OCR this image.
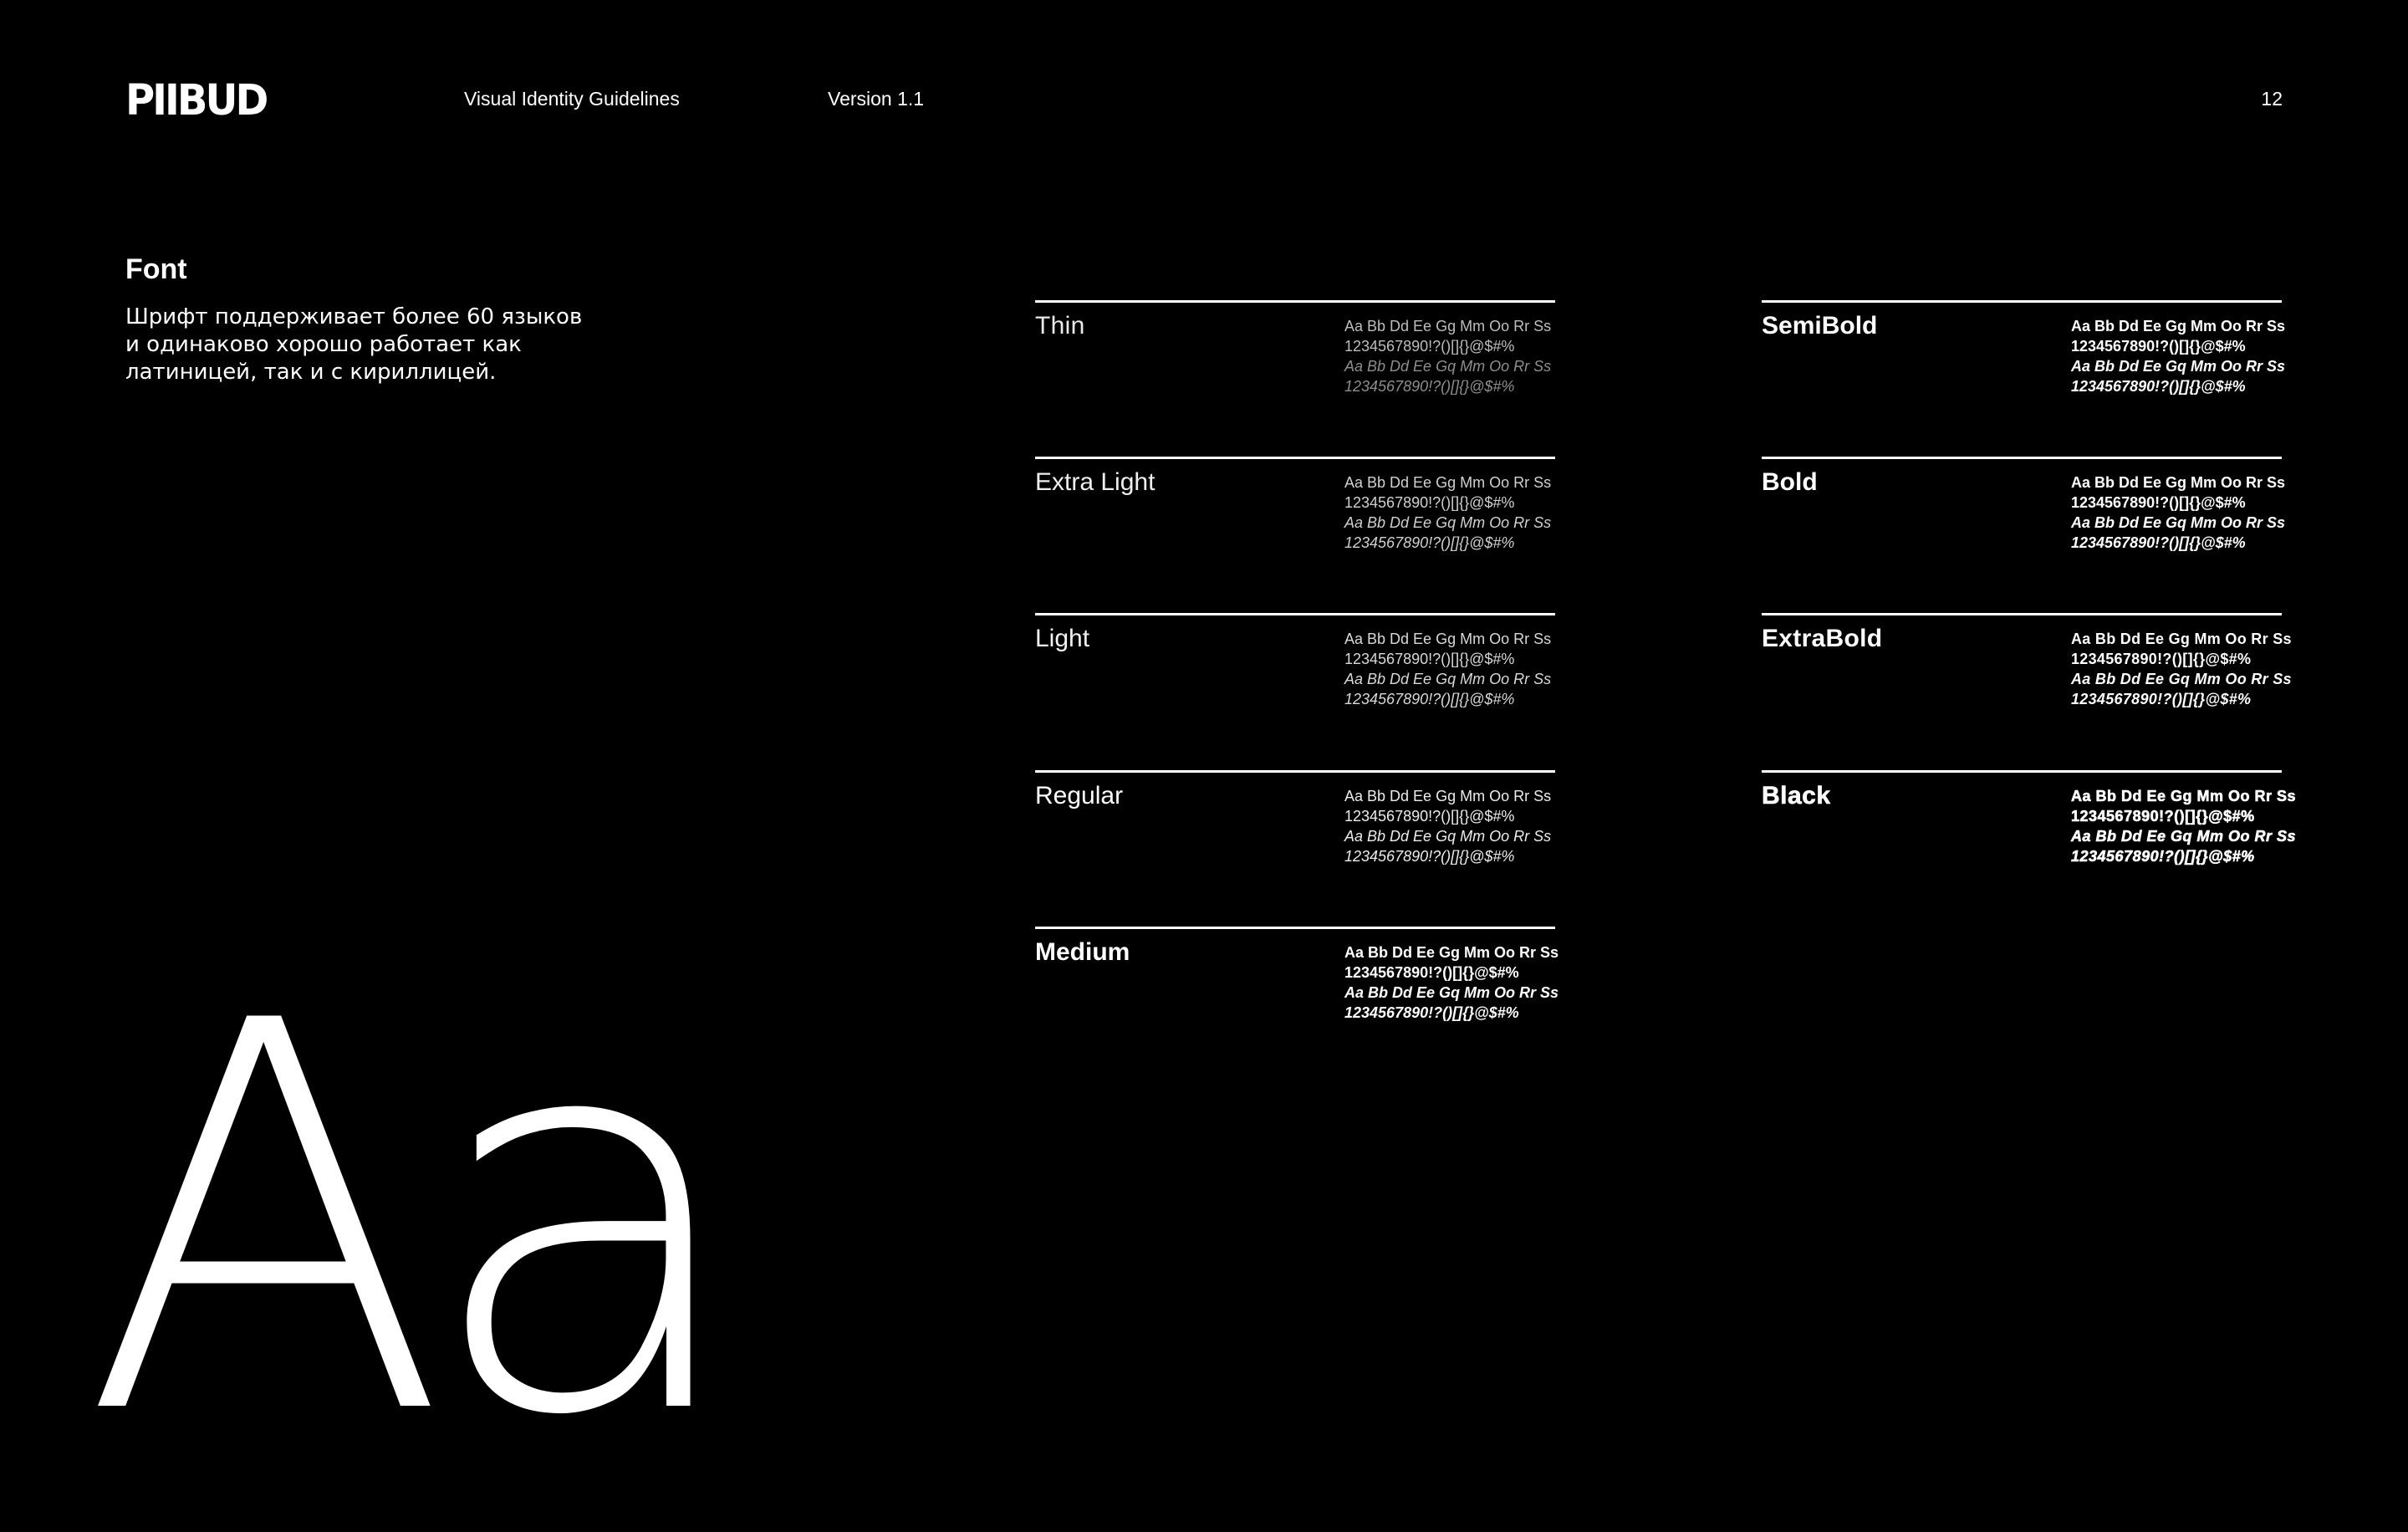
PIIBUD	Visual Identity Guidelines	Version 1.1	12
Font
Шрифт поддерживает более 60 языков и одинаково хорошо работает как латиницей, так и с кириллицей.
Aa
Thin	Aa Bb Dd Ee Gg Mm Oo Rr Ss
1234567890!?()[]{}@$#%
Aa Bb Dd Ee Gq Mm Oo Rr Ss
1234567890!?()[]{}@$#%
Extra Light	Aa Bb Dd Ee Gg Mm Oo Rr Ss
1234567890!?()[]{}@$#%
Aa Bb Dd Ee Gq Mm Oo Rr Ss
1234567890!?()[]{}@$#%
Light	Aa Bb Dd Ee Gg Mm Oo Rr Ss
1234567890!?()[]{}@$#%
Aa Bb Dd Ee Gq Mm Oo Rr Ss
1234567890!?()[]{}@$#%
Regular	Aa Bb Dd Ee Gg Mm Oo Rr Ss
1234567890!?()[]{}@$#%
Aa Bb Dd Ee Gq Mm Oo Rr Ss
1234567890!?()[]{}@$#%
Medium	Aa Bb Dd Ee Gg Mm Oo Rr Ss
1234567890!?()[]{}@$#%
Aa Bb Dd Ee Gq Mm Oo Rr Ss
1234567890!?()[]{}@$#%
SemiBold	Aa Bb Dd Ee Gg Mm Oo Rr Ss
1234567890!?()[]{}@$#%
Aa Bb Dd Ee Gq Mm Oo Rr Ss
1234567890!?()[]{}@$#%
Bold	Aa Bb Dd Ee Gg Mm Oo Rr Ss
1234567890!?()[]{}@$#%
Aa Bb Dd Ee Gq Mm Oo Rr Ss
1234567890!?()[]{}@$#%
ExtraBold	Aa Bb Dd Ee Gg Mm Oo Rr Ss
1234567890!?()[]{}@$#%
Aa Bb Dd Ee Gq Mm Oo Rr Ss
1234567890!?()[]{}@$#%
Black	Aa Bb Dd Ee Gg Mm Oo Rr Ss
1234567890!?()[]{}@$#%
Aa Bb Dd Ee Gq Mm Oo Rr Ss
1234567890!?()[]{}@$#%
